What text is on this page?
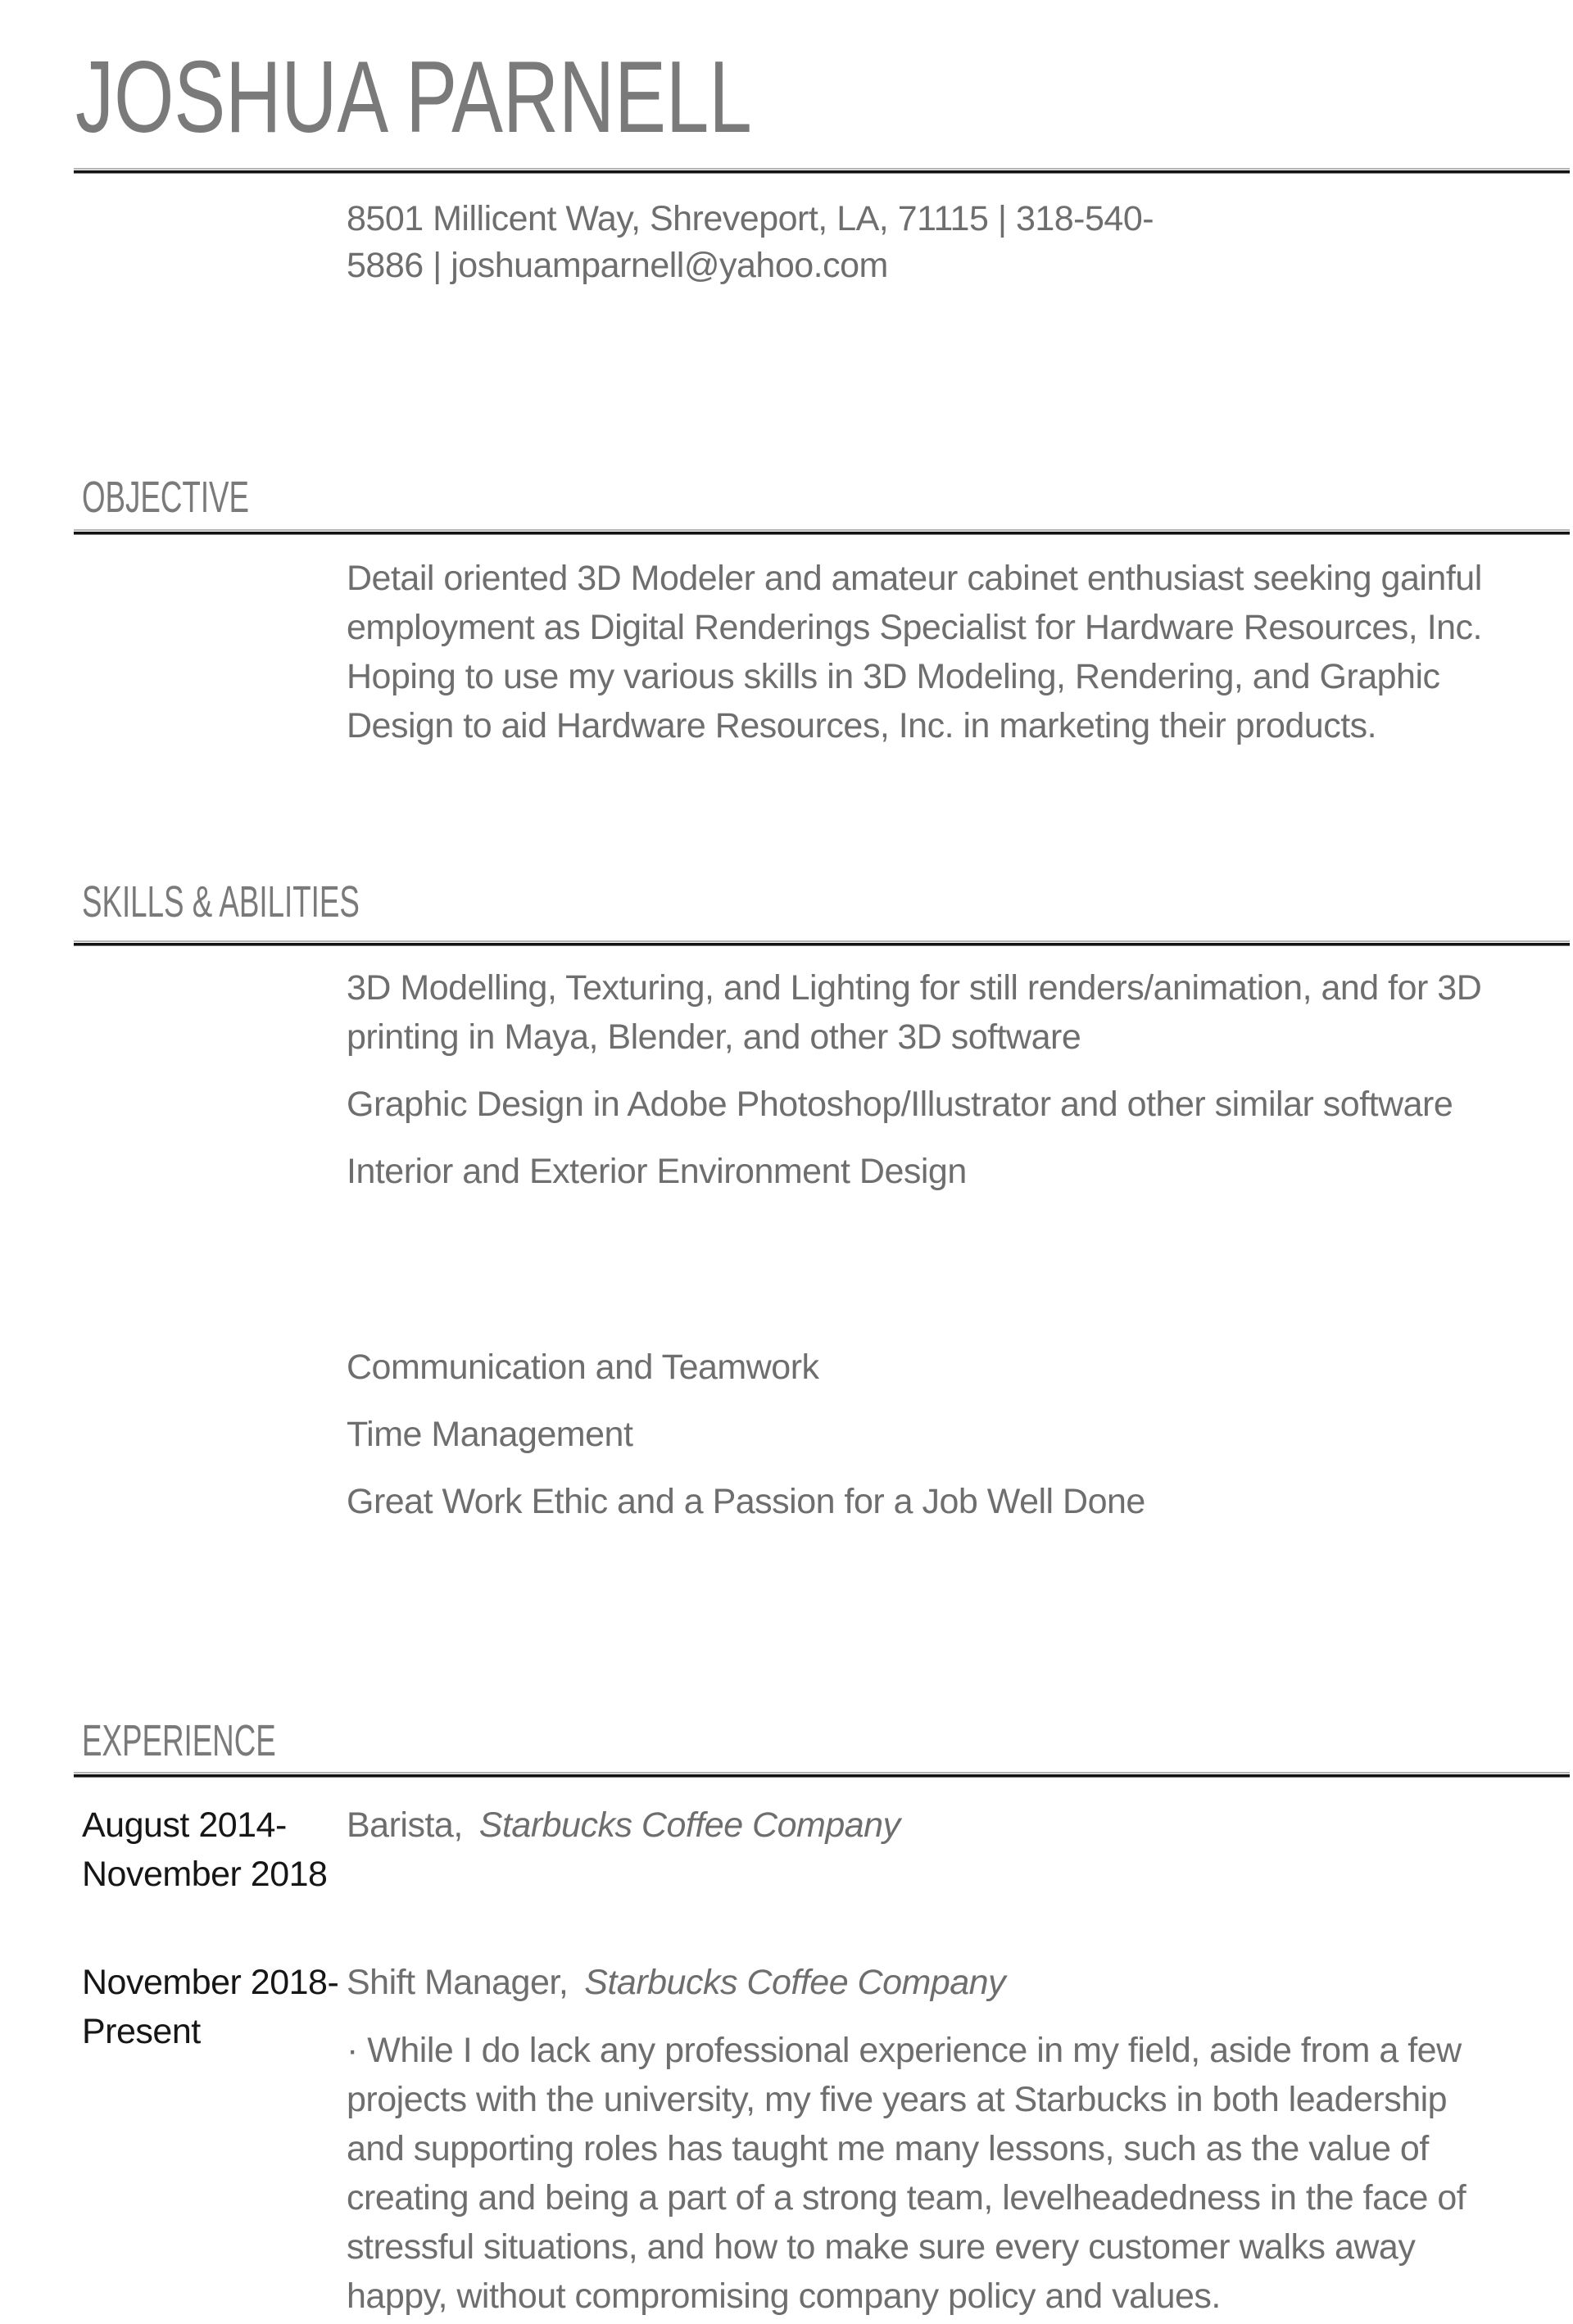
JOSHUA PARNELL
8501 Millicent Way, Shreveport, LA, 71115 | 318-540-
5886 | joshuamparnell@yahoo.com
OBJECTIVE
Detail oriented 3D Modeler and amateur cabinet enthusiast seeking gainful
employment as Digital Renderings Specialist for Hardware Resources, Inc.
Hoping to use my various skills in 3D Modeling, Rendering, and Graphic
Design to aid Hardware Resources, Inc. in marketing their products.
SKILLS & ABILITIES
3D Modelling, Texturing, and Lighting for still renders/animation, and for 3D
printing in Maya, Blender, and other 3D software
Graphic Design in Adobe Photoshop/Illustrator and other similar software
Interior and Exterior Environment Design
Communication and Teamwork
Time Management
Great Work Ethic and a Passion for a Job Well Done
EXPERIENCE
August 2014-
November 2018
Barista, Starbucks Coffee Company
November 2018-
Present
Shift Manager, Starbucks Coffee Company
· While I do lack any professional experience in my field, aside from a few
projects with the university, my five years at Starbucks in both leadership
and supporting roles has taught me many lessons, such as the value of
creating and being a part of a strong team, levelheadedness in the face of
stressful situations, and how to make sure every customer walks away
happy, without compromising company policy and values.
